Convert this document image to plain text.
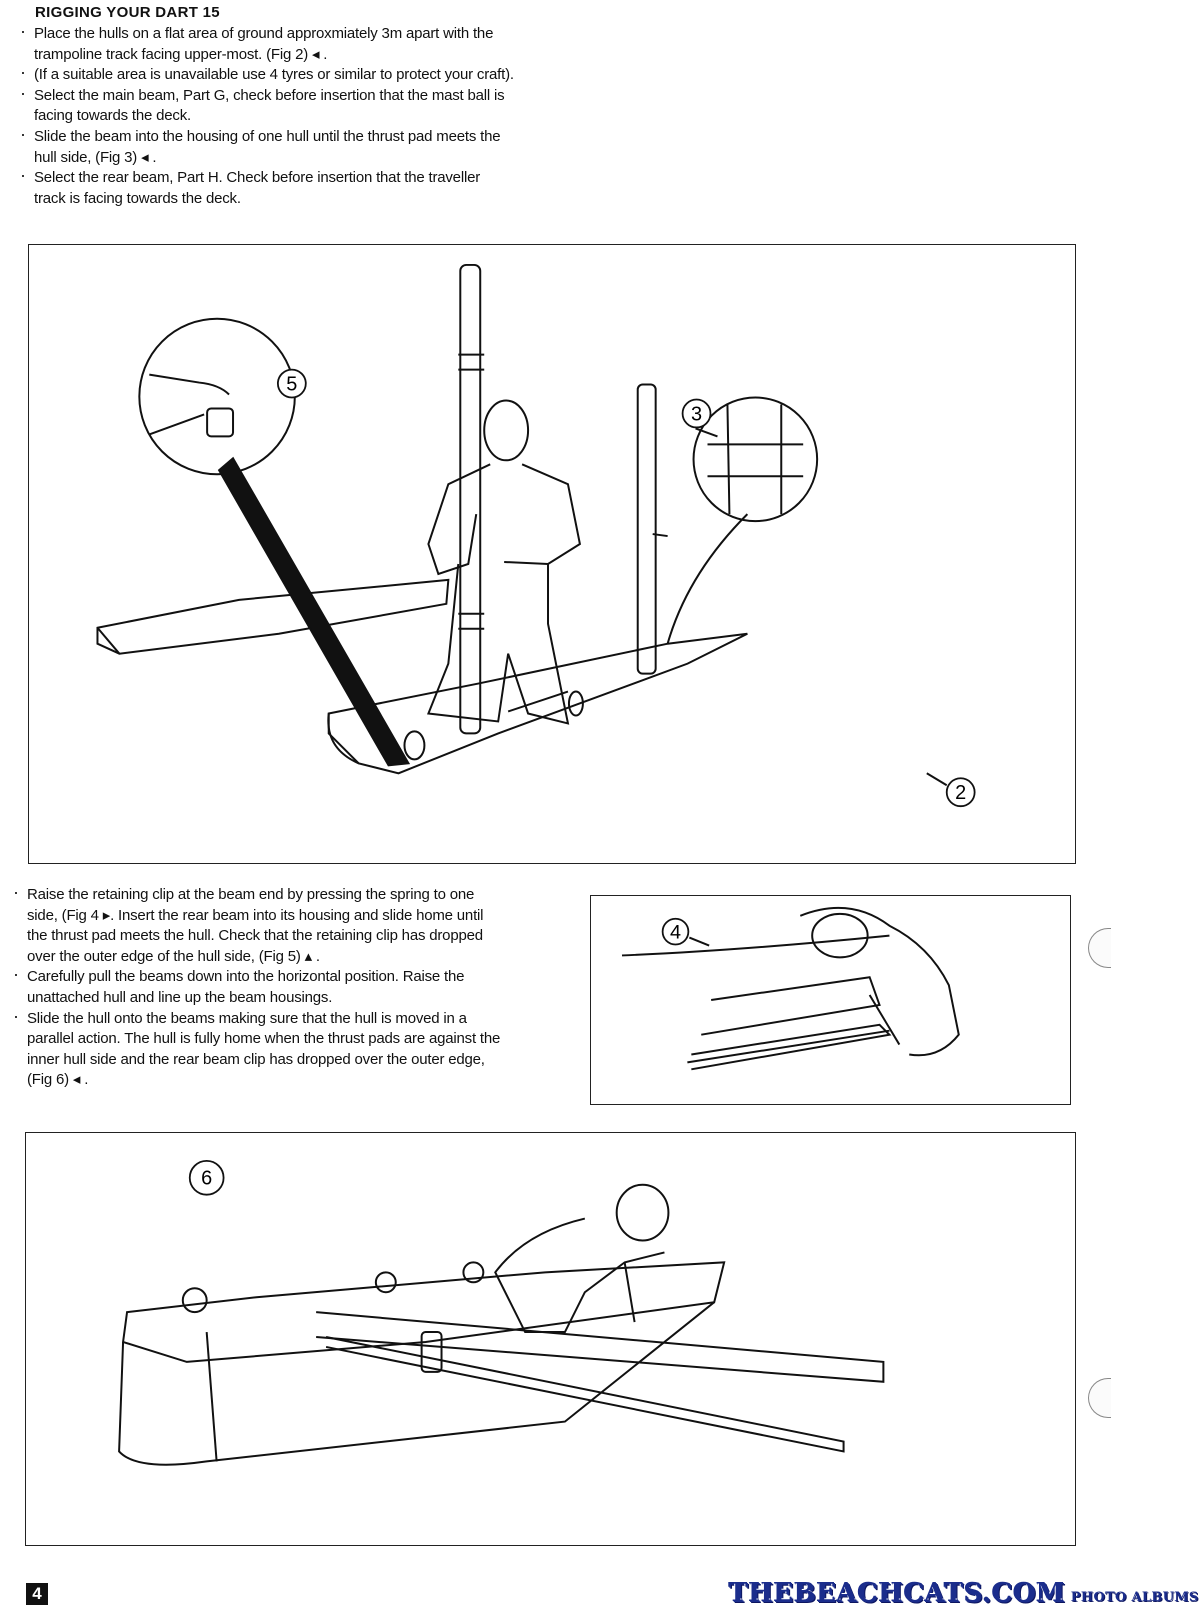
RIGGING YOUR DART 15
· Place the hulls on a flat area of ground approxmiately 3m apart with the trampoline track facing upper-most. (Fig 2) ◂ .
· (If a suitable area is unavailable use 4 tyres or similar to protect your craft).
· Select the main beam, Part G, check before insertion that the mast ball is facing towards the deck.
· Slide the beam into the housing of one hull until the thrust pad meets the hull side, (Fig 3) ◂ .
· Select the rear beam, Part H. Check before insertion that the traveller track is facing towards the deck.
5
3
2
· Raise the retaining clip at the beam end by pressing the spring to one side, (Fig 4 ▸. Insert the rear beam into its housing and slide home until the thrust pad meets the hull. Check that the retaining clip has dropped over the outer edge of the hull side, (Fig 5) ▴ .
· Carefully pull the beams down into the horizontal position. Raise the unattached hull and line up the beam housings.
· Slide the hull onto the beams making sure that the hull is moved in a parallel action. The hull is fully home when the thrust pads are against the inner hull side and the rear beam clip has dropped over the outer edge, (Fig 6) ◂ .
4
6
4	THEBEACHCATS.COM PHOTO ALBUMS
